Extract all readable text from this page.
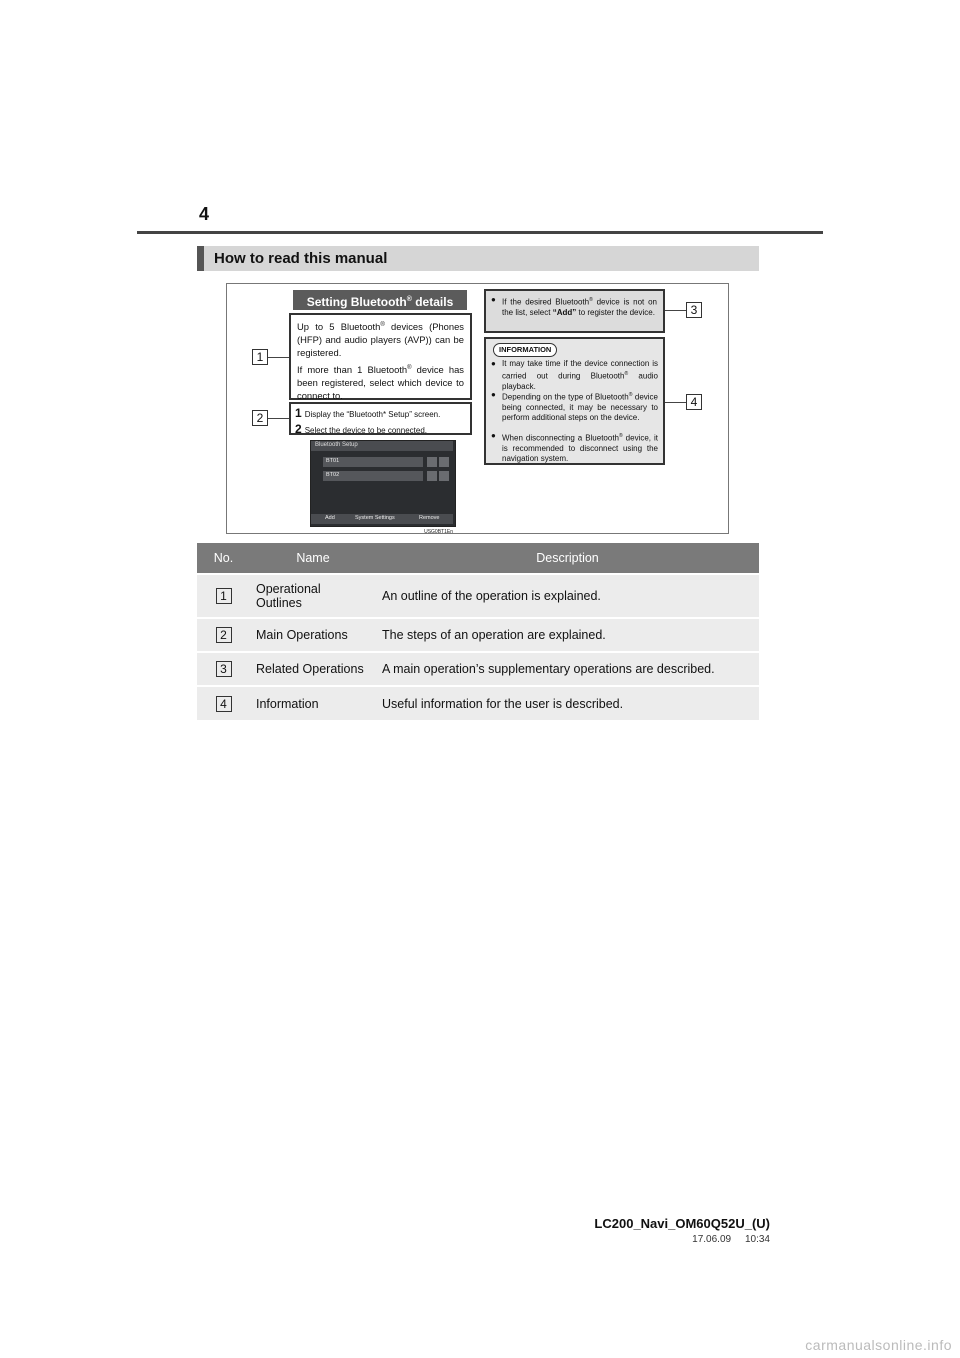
4
How to read this manual
1
2
3
4
Setting Bluetooth® details

Up to 5 Bluetooth® devices (Phones (HFP) and audio players (AVP)) can be registered.

If more than 1 Bluetooth® device has been registered, select which device to connect to.

1 Display the “Bluetooth* Setup” screen.
2 Select the device to be connected.
Bluetooth Setup
BT01
BT02
Add	System Settings	Remove
USG0BT1En
● If the desired Bluetooth® device is not on the list, select “Add” to register the device.
INFORMATION
● It may take time if the device connection is carried out during Bluetooth® audio playback.
● Depending on the type of Bluetooth® device being connected, it may be necessary to perform additional steps on the device.
● When disconnecting a Bluetooth® device, it is recommended to disconnect using the navigation system.
No.	Name	Description
1	Operational
Outlines	An outline of the operation is explained.
2	Main Operations	The steps of an operation are explained.
3	Related Operations	A main operation’s supplementary operations are described.
4	Information	Useful information for the user is described.
LC200_Navi_OM60Q52U_(U)
17.06.09     10:34
carmanualsonline.info
